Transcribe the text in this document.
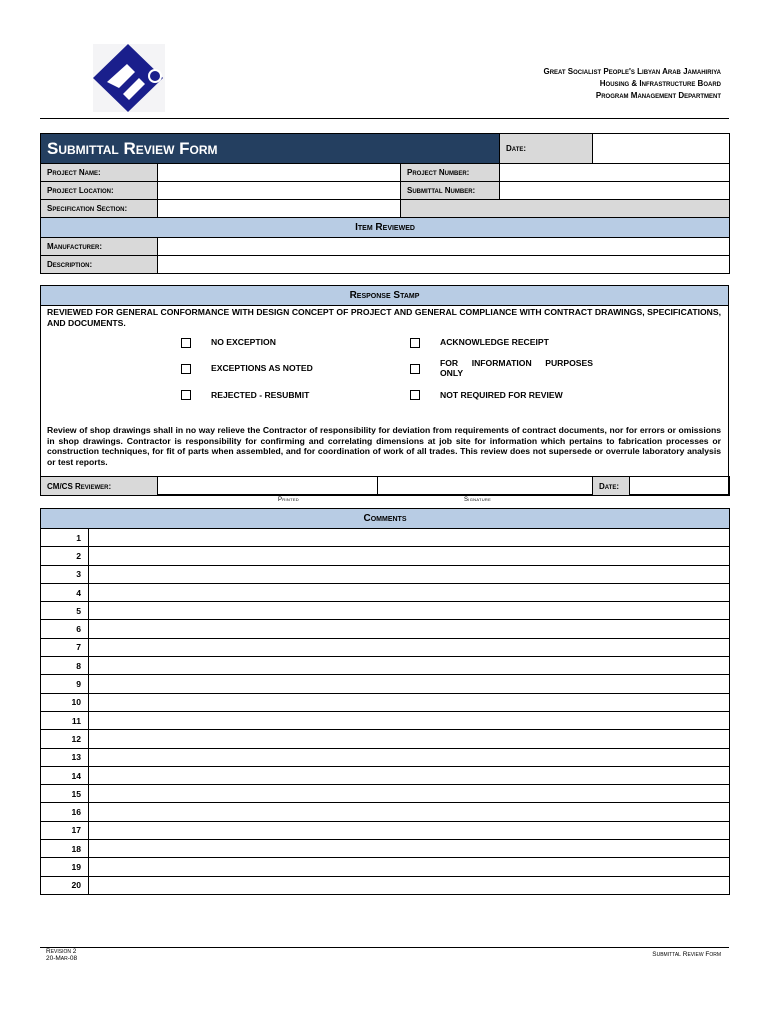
Great Socialist People's Libyan Arab Jamahiriya
Housing & Infrastructure Board
Program Management Department
Submittal Review Form			Date:	
Project Name:		Project Number:		
Project Location:		Submittal Number:		
Specification Section:				
Item Reviewed				
Manufacturer:				
Description:				
Response Stamp
REVIEWED FOR GENERAL CONFORMANCE WITH DESIGN CONCEPT OF PROJECT AND GENERAL COMPLIANCE WITH CONTRACT DRAWINGS, SPECIFICATIONS, AND DOCUMENTS.
NO EXCEPTION
EXCEPTIONS AS NOTED
REJECTED - RESUBMIT
ACKNOWLEDGE RECEIPT
FOR INFORMATION PURPOSES ONLY
NOT REQUIRED FOR REVIEW
Review of shop drawings shall in no way relieve the Contractor of responsibility for deviation from requirements of contract documents, nor for errors or omissions in shop drawings. Contractor is responsibility for confirming and correlating dimensions at job site for information which pertains to fabrication processes or construction techniques, for fit of parts when assembled, and for coordination of work of all trades. This review does not supersede or overrule laboratory analysis or test reports.
CM/CS Reviewer:			Date:	
Printed	Signature
Comments	
1	
2	
3	
4	
5	
6	
7	
8	
9	
10	
11	
12	
13	
14	
15	
16	
17	
18	
19	
20	
Revision 2
20-Mar-08
Submittal Review Form
